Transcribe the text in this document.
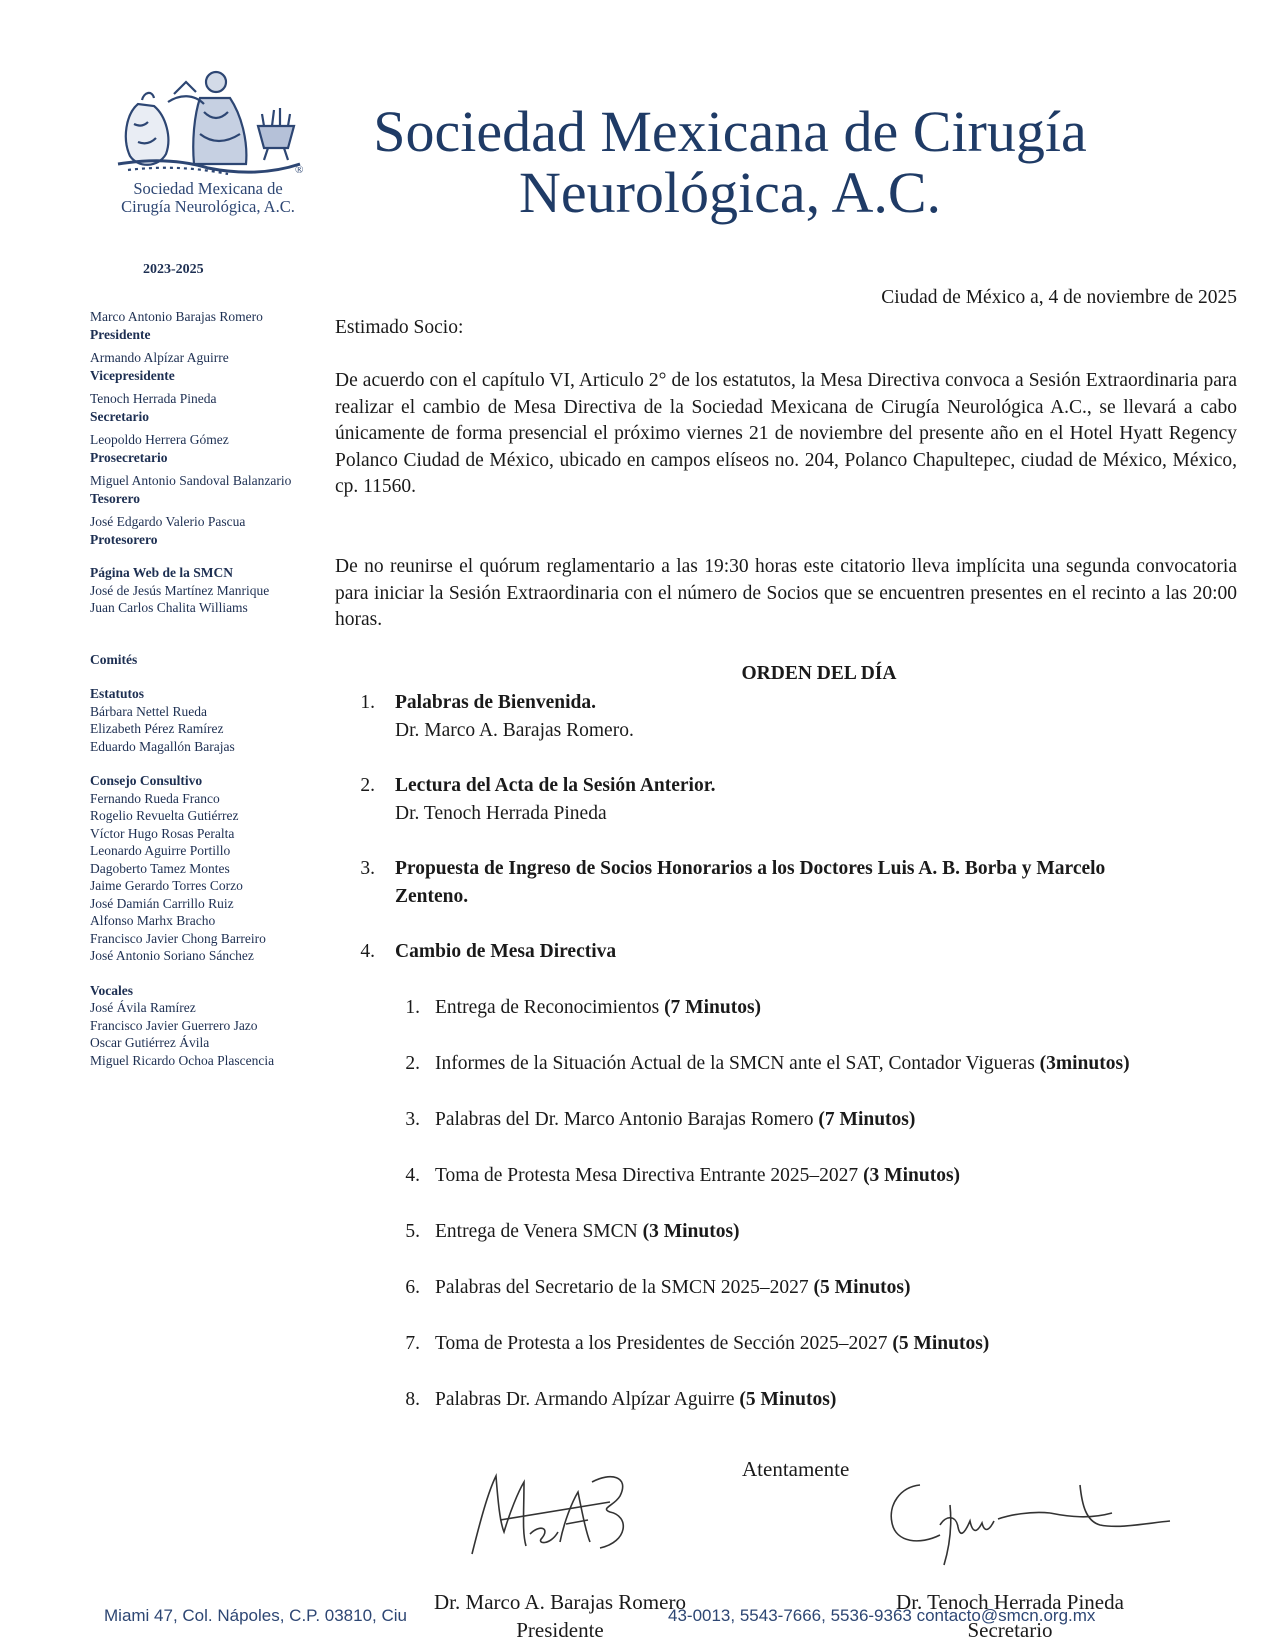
®
Sociedad Mexicana de
Cirugía Neurológica, A.C.
Sociedad Mexicana de Cirugía
Neurológica, A.C.
2023-2025
Marco Antonio Barajas Romero
Presidente
Armando Alpízar Aguirre
Vicepresidente
Tenoch Herrada Pineda
Secretario
Leopoldo Herrera Gómez
Prosecretario
Miguel Antonio Sandoval Balanzario
Tesorero
José Edgardo Valerio Pascua
Protesorero
Página Web de la SMCN
José de Jesús Martínez Manrique
Juan Carlos Chalita Williams
Comités
Estatutos
Bárbara Nettel Rueda
Elizabeth Pérez Ramírez
Eduardo Magallón Barajas
Consejo Consultivo
Fernando Rueda Franco
Rogelio Revuelta Gutiérrez
Víctor Hugo Rosas Peralta
Leonardo Aguirre Portillo
Dagoberto Tamez Montes
Jaime Gerardo Torres Corzo
José Damián Carrillo Ruiz
Alfonso Marhx Bracho
Francisco Javier Chong Barreiro
José Antonio Soriano Sánchez
Vocales
José Ávila Ramírez
Francisco Javier Guerrero Jazo
Oscar Gutiérrez Ávila
Miguel Ricardo Ochoa Plascencia
Ciudad de México a, 4 de noviembre de 2025
Estimado Socio:
De acuerdo con el capítulo VI, Articulo 2° de los estatutos, la Mesa Directiva convoca a Sesión Extraordinaria para realizar el cambio de Mesa Directiva de la Sociedad Mexicana de Cirugía Neurológica A.C., se llevará a cabo únicamente de forma presencial el próximo viernes 21 de noviembre del presente año en el Hotel Hyatt Regency Polanco Ciudad de México, ubicado en campos elíseos no. 204, Polanco Chapultepec, ciudad de México, México, cp. 11560.
De no reunirse el quórum reglamentario a las 19:30 horas este citatorio lleva implícita una segunda convocatoria para iniciar la Sesión Extraordinaria con el número de Socios que se encuentren presentes en el recinto a las 20:00 horas.
ORDEN DEL DÍA
1. Palabras de Bienvenida.
Dr. Marco A. Barajas Romero.
2. Lectura del Acta de la Sesión Anterior.
Dr. Tenoch Herrada Pineda
3. Propuesta de Ingreso de Socios Honorarios a los Doctores Luis A. B. Borba y Marcelo
Zenteno.
4. Cambio de Mesa Directiva
1. Entrega de Reconocimientos (7 Minutos)
2. Informes de la Situación Actual de la SMCN ante el SAT, Contador Vigueras (3minutos)
3. Palabras del Dr. Marco Antonio Barajas Romero (7 Minutos)
4. Toma de Protesta Mesa Directiva Entrante 2025–2027 (3 Minutos)
5. Entrega de Venera SMCN (3 Minutos)
6. Palabras del Secretario de la SMCN 2025–2027 (5 Minutos)
7. Toma de Protesta a los Presidentes de Sección 2025–2027 (5 Minutos)
8. Palabras Dr. Armando Alpízar Aguirre (5 Minutos)
Atentamente
Dr. Marco A. Barajas Romero
Presidente
Dr. Tenoch Herrada Pineda
Secretario
Miami 47, Col. Nápoles, C.P. 03810, Ciu	43-0013, 5543-7666, 5536-9363 contacto@smcn.org.mx
